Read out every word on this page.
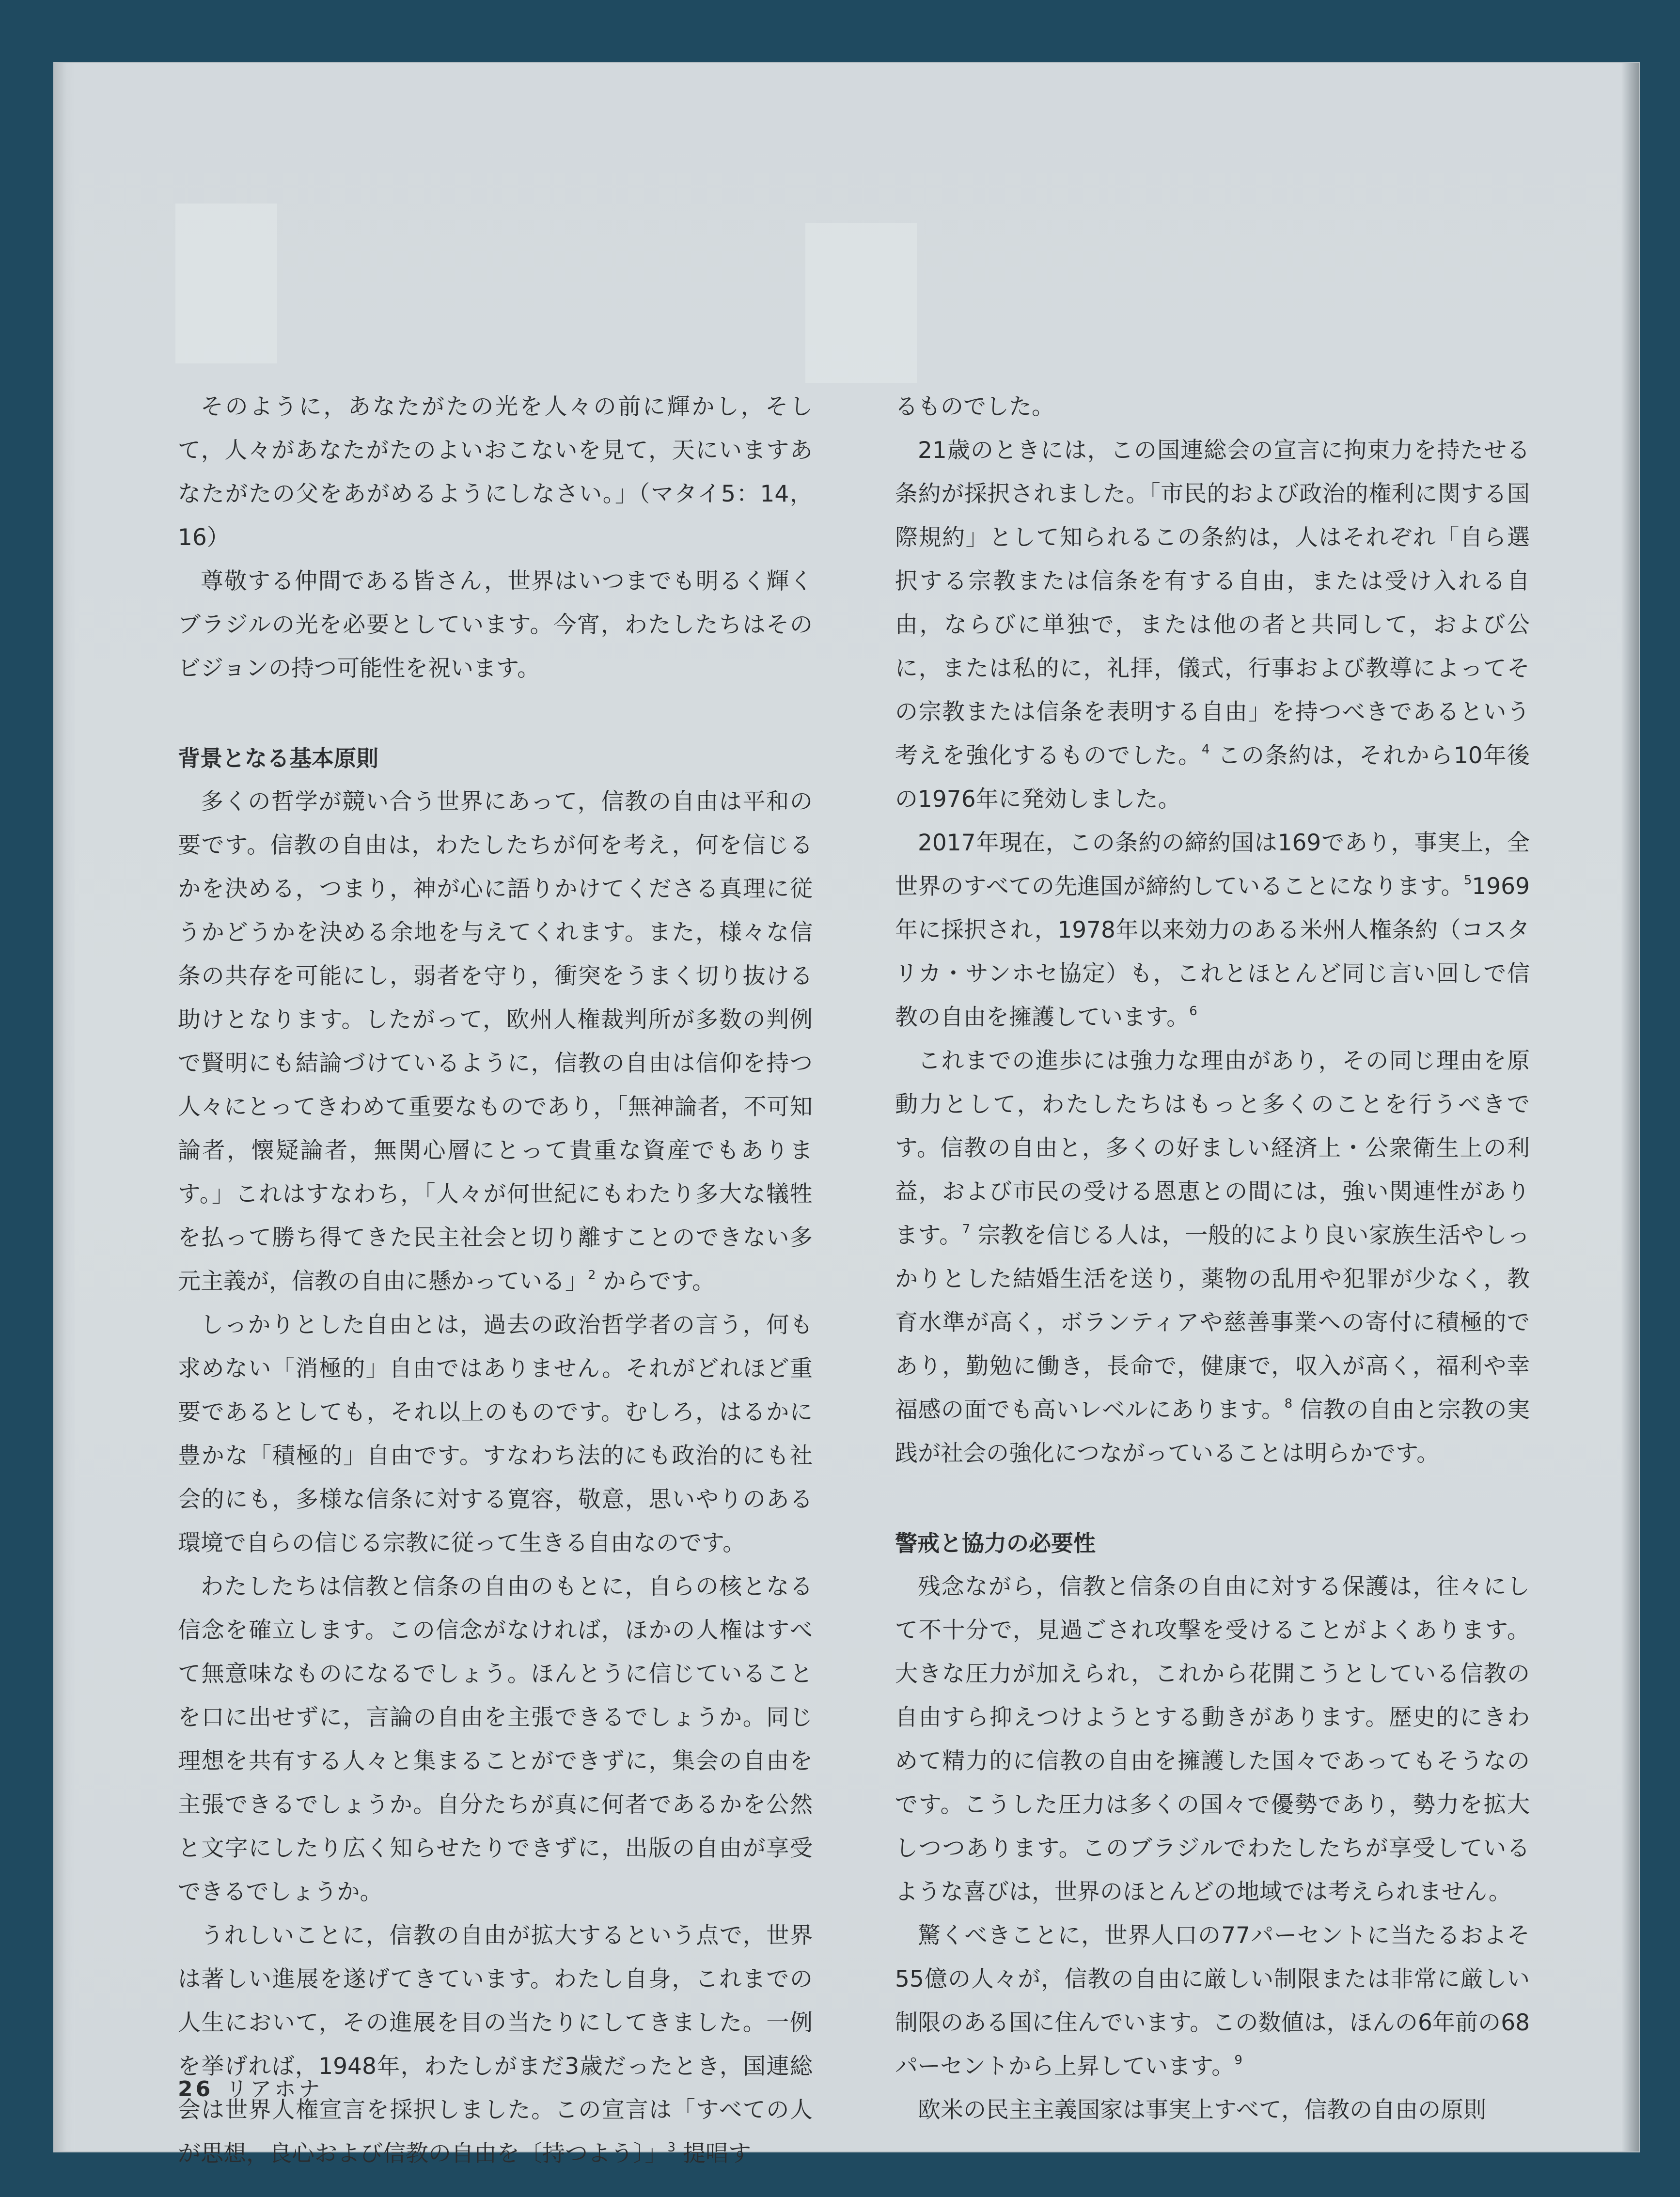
そのように，あなたがたの光を人々の前に輝かし，そして，人々があなたがたのよいおこないを見て，天にいますあなたがたの父をあがめるようにしなさい。」（マタイ5：14，16）

尊敬する仲間である皆さん，世界はいつまでも明るく輝くブラジルの光を必要としています。今宵，わたしたちはそのビジョンの持つ可能性を祝います。

背景となる基本原則

多くの哲学が競い合う世界にあって，信教の自由は平和の要です。信教の自由は，わたしたちが何を考え，何を信じるかを決める，つまり，神が心に語りかけてくださる真理に従うかどうかを決める余地を与えてくれます。また，様々な信条の共存を可能にし，弱者を守り，衝突をうまく切り抜ける助けとなります。したがって，欧州人権裁判所が多数の判例で賢明にも結論づけているように，信教の自由は信仰を持つ人々にとってきわめて重要なものであり，「無神論者，不可知論者，懐疑論者，無関心層にとって貴重な資産でもあります。」これはすなわち，「人々が何世紀にもわたり多大な犠牲を払って勝ち得てきた民主社会と切り離すことのできない多元主義が，信教の自由に懸かっている」$^2$ からです。

しっかりとした自由とは，過去の政治哲学者の言う，何も求めない「消極的」自由ではありません。それがどれほど重要であるとしても，それ以上のものです。むしろ，はるかに豊かな「積極的」自由です。すなわち法的にも政治的にも社会的にも，多様な信条に対する寛容，敬意，思いやりのある環境で自らの信じる宗教に従って生きる自由なのです。

わたしたちは信教と信条の自由のもとに，自らの核となる信念を確立します。この信念がなければ，ほかの人権はすべて無意味なものになるでしょう。ほんとうに信じていることを口に出せずに，言論の自由を主張できるでしょうか。同じ理想を共有する人々と集まることができずに，集会の自由を主張できるでしょうか。自分たちが真に何者であるかを公然と文字にしたり広く知らせたりできずに，出版の自由が享受できるでしょうか。

うれしいことに，信教の自由が拡大するという点で，世界は著しい進展を遂げてきています。わたし自身，これまでの人生において，その進展を目の当たりにしてきました。一例を挙げれば，1948年，わたしがまだ3歳だったとき，国連総会は世界人権宣言を採択しました。この宣言は「すべての人が思想，良心および信教の自由を〔持つよう〕」$^3$ 提唱す

るものでした。

21歳のときには，この国連総会の宣言に拘束力を持たせる条約が採択されました。「市民的および政治的権利に関する国際規約」として知られるこの条約は，人はそれぞれ「自ら選択する宗教または信条を有する自由，または受け入れる自由，ならびに単独で，または他の者と共同して，および公に，または私的に，礼拝，儀式，行事および教導によってその宗教または信条を表明する自由」を持つべきであるという考えを強化するものでした。$^4$ この条約は，それから10年後の1976年に発効しました。

2017年現在，この条約の締約国は169であり，事実上，全世界のすべての先進国が締約していることになります。$^5$1969年に採択され，1978年以来効力のある米州人権条約（コスタリカ・サンホセ協定）も，これとほとんど同じ言い回しで信教の自由を擁護しています。$^6$

これまでの進歩には強力な理由があり，その同じ理由を原動力として，わたしたちはもっと多くのことを行うべきです。信教の自由と，多くの好ましい経済上・公衆衛生上の利益，および市民の受ける恩恵との間には，強い関連性があります。$^7$ 宗教を信じる人は，一般的により良い家族生活やしっかりとした結婚生活を送り，薬物の乱用や犯罪が少なく，教育水準が高く，ボランティアや慈善事業への寄付に積極的であり，勤勉に働き，長命で，健康で，収入が高く，福利や幸福感の面でも高いレベルにあります。$^8$ 信教の自由と宗教の実践が社会の強化につながっていることは明らかです。

警戒と協力の必要性

残念ながら，信教と信条の自由に対する保護は，往々にして不十分で，見過ごされ攻撃を受けることがよくあります。大きな圧力が加えられ，これから花開こうとしている信教の自由すら抑えつけようとする動きがあります。歴史的にきわめて精力的に信教の自由を擁護した国々であってもそうなのです。こうした圧力は多くの国々で優勢であり，勢力を拡大しつつあります。このブラジルでわたしたちが享受しているような喜びは，世界のほとんどの地域では考えられません。

驚くべきことに，世界人口の77パーセントに当たるおよそ55億の人々が，信教の自由に厳しい制限または非常に厳しい制限のある国に住んでいます。この数値は，ほんの6年前の68パーセントから上昇しています。$^9$

欧米の民主主義国家は事実上すべて，信教の自由の原則

26 リアホナ
